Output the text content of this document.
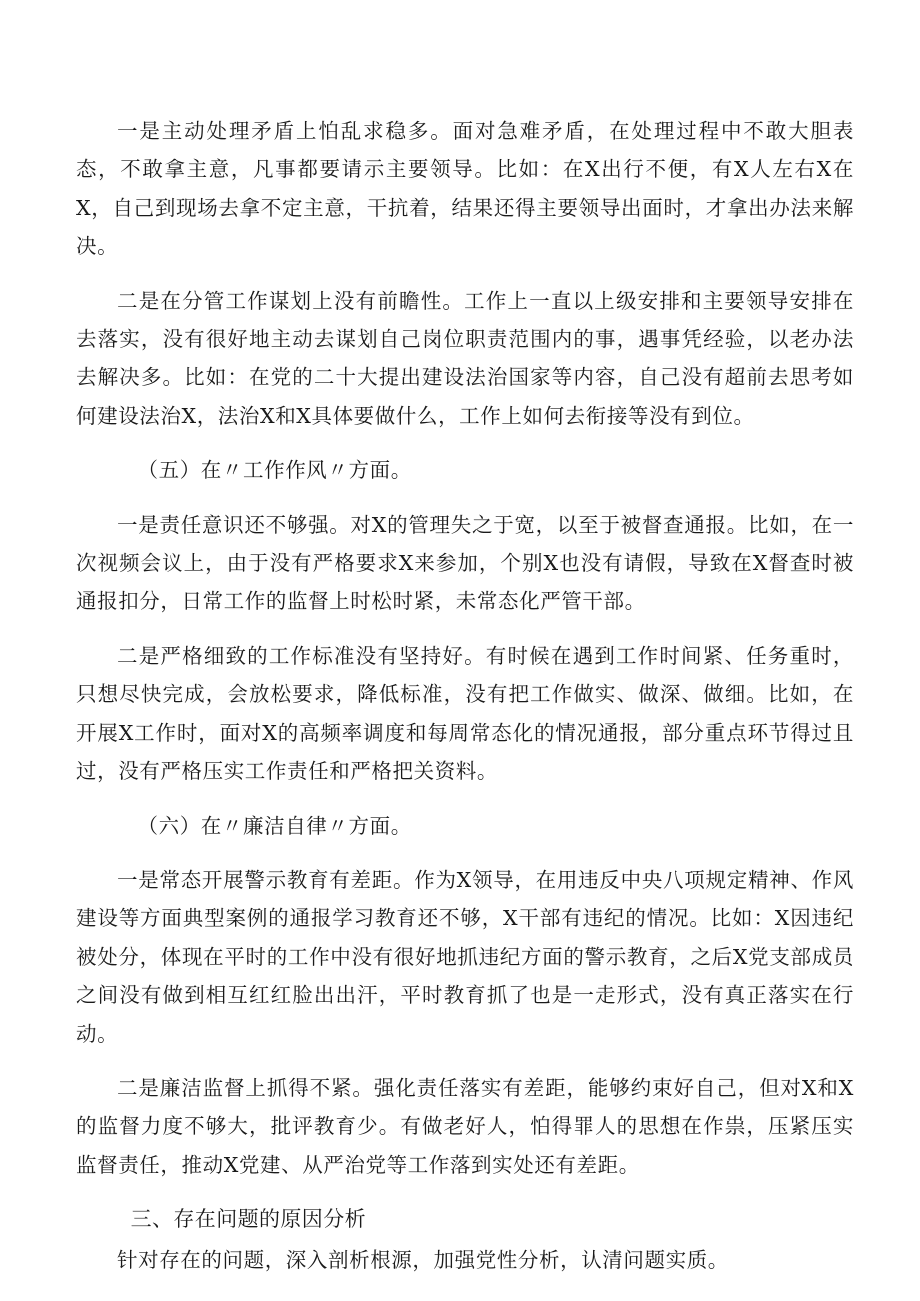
一是主动处理矛盾上怕乱求稳多。面对急难矛盾，在处理过程中不敢大胆表态，不敢拿主意，凡事都要请示主要领导。比如：在X出行不便，有X人左右X在X，自己到现场去拿不定主意，干抗着，结果还得主要领导出面时，才拿出办法来解决。

二是在分管工作谋划上没有前瞻性。工作上一直以上级安排和主要领导安排在去落实，没有很好地主动去谋划自己岗位职责范围内的事，遇事凭经验，以老办法去解决多。比如：在党的二十大提出建设法治国家等内容，自己没有超前去思考如何建设法治X，法治X和X具体要做什么，工作上如何去衔接等没有到位。

（五）在〃工作作风〃方面。

一是责任意识还不够强。对X的管理失之于宽，以至于被督查通报。比如，在一次视频会议上，由于没有严格要求X来参加，个别X也没有请假，导致在X督查时被通报扣分，日常工作的监督上时松时紧，未常态化严管干部。

二是严格细致的工作标准没有坚持好。有时候在遇到工作时间紧、任务重时，只想尽快完成，会放松要求，降低标准，没有把工作做实、做深、做细。比如，在开展X工作时，面对X的高频率调度和每周常态化的情况通报，部分重点环节得过且过，没有严格压实工作责任和严格把关资料。

（六）在〃廉洁自律〃方面。

一是常态开展警示教育有差距。作为X领导，在用违反中央八项规定精神、作风建设等方面典型案例的通报学习教育还不够，X干部有违纪的情况。比如：X因违纪被处分，体现在平时的工作中没有很好地抓违纪方面的警示教育，之后X党支部成员之间没有做到相互红红脸出出汗，平时教育抓了也是一走形式，没有真正落实在行动。

二是廉洁监督上抓得不紧。强化责任落实有差距，能够约束好自己，但对X和X的监督力度不够大，批评教育少。有做老好人，怕得罪人的思想在作祟，压紧压实监督责任，推动X党建、从严治党等工作落到实处还有差距。

三、存在问题的原因分析

针对存在的问题，深入剖析根源，加强党性分析，认清问题实质。
